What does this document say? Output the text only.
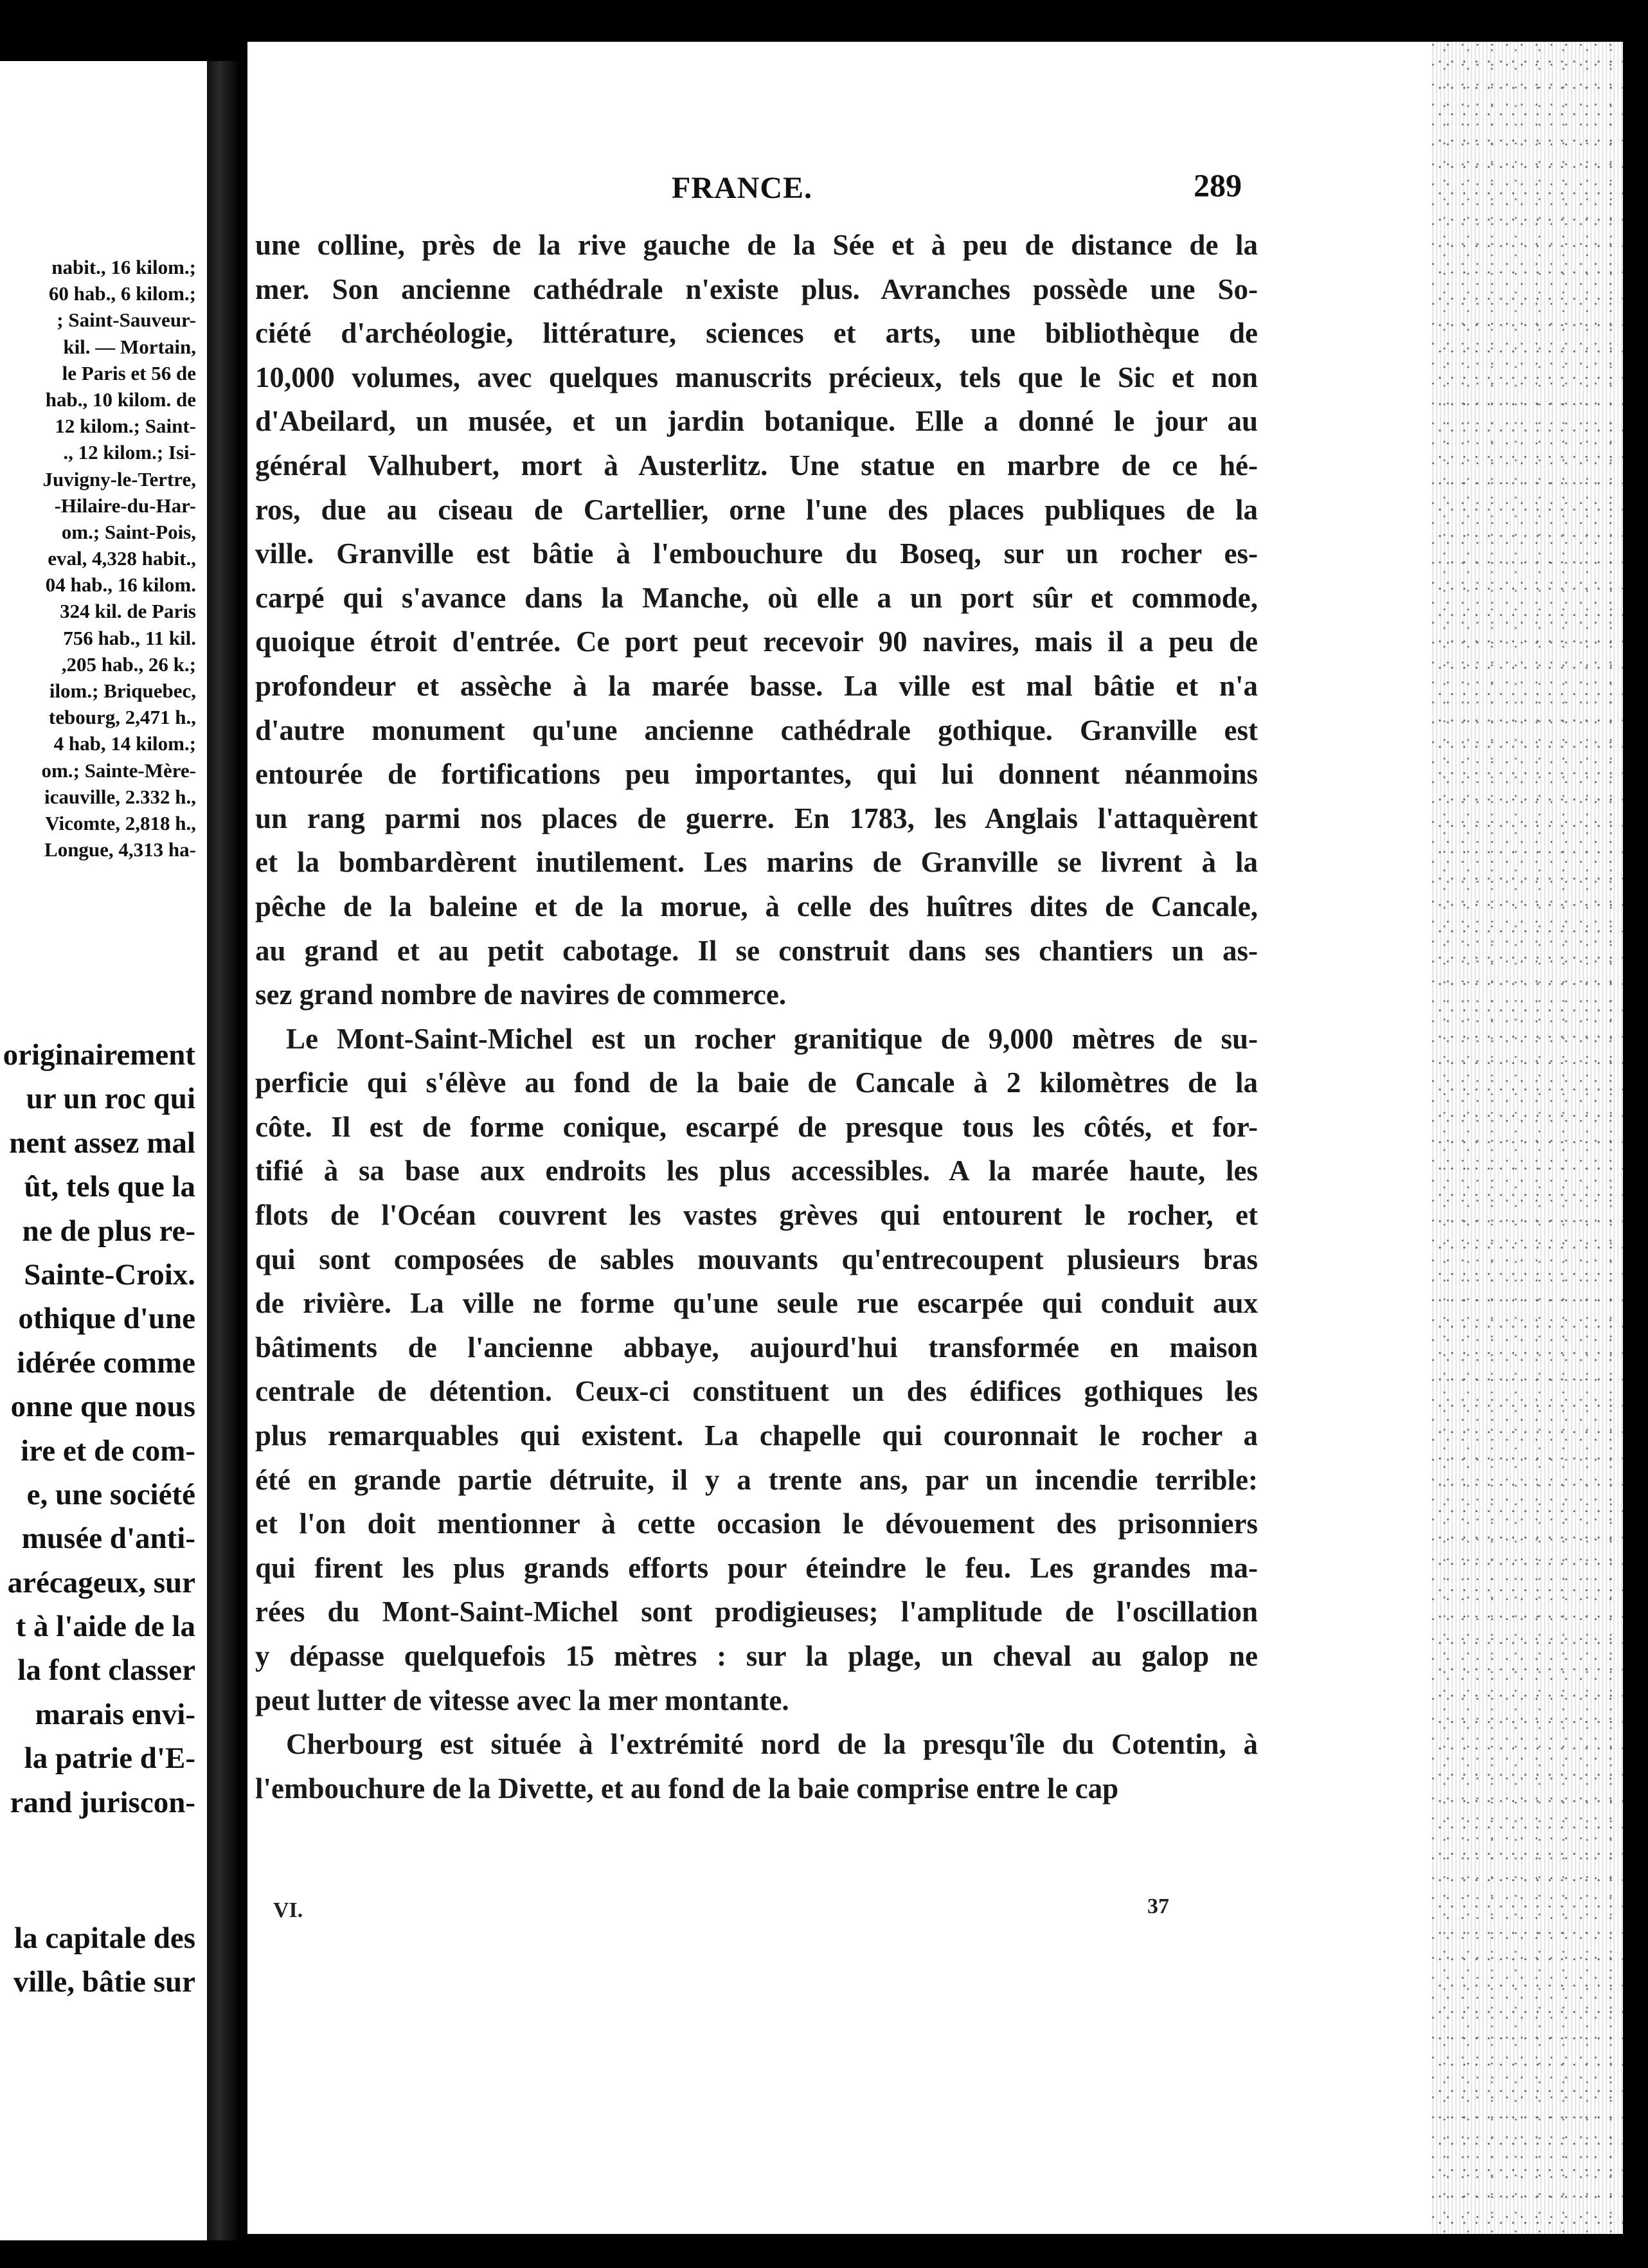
nabit., 16 kilom.;
60 hab., 6 kilom.;
; Saint-Sauveur-
kil. — Mortain,
le Paris et 56 de
hab., 10 kilom. de
12 kilom.; Saint-
., 12 kilom.; Isi-
Juvigny-le-Tertre,
-Hilaire-du-Har-
om.; Saint-Pois,
eval, 4,328 habit.,
04 hab., 16 kilom.
324 kil. de Paris
756 hab., 11 kil.
,205 hab., 26 k.;
ilom.; Briquebec,
tebourg, 2,471 h.,
4 hab, 14 kilom.;
om.; Sainte-Mère-
icauville, 2.332 h.,
Vicomte, 2,818 h.,
Longue, 4,313 ha-
originairement
ur un roc qui
nent assez mal
ût, tels que la
ne de plus re-
Sainte-Croix.
othique d'une
idérée comme
onne que nous
ire et de com-
e, une société
musée d'anti-
arécageux, sur
t à l'aide de la
la font classer
marais envi-
la patrie d'E-
rand juriscon-
la capitale des
ville, bâtie sur
FRANCE.	289
une colline, près de la rive gauche de la Sée et à peu de distance de la
mer. Son ancienne cathédrale n'existe plus. Avranches possède une So-
ciété d'archéologie, littérature, sciences et arts, une bibliothèque de
10,000 volumes, avec quelques manuscrits précieux, tels que le Sic et non
d'Abeilard, un musée, et un jardin botanique. Elle a donné le jour au
général Valhubert, mort à Austerlitz. Une statue en marbre de ce hé-
ros, due au ciseau de Cartellier, orne l'une des places publiques de la
ville. Granville est bâtie à l'embouchure du Boseq, sur un rocher es-
carpé qui s'avance dans la Manche, où elle a un port sûr et commode,
quoique étroit d'entrée. Ce port peut recevoir 90 navires, mais il a peu de
profondeur et assèche à la marée basse. La ville est mal bâtie et n'a
d'autre monument qu'une ancienne cathédrale gothique. Granville est
entourée de fortifications peu importantes, qui lui donnent néanmoins
un rang parmi nos places de guerre. En 1783, les Anglais l'attaquèrent
et la bombardèrent inutilement. Les marins de Granville se livrent à la
pêche de la baleine et de la morue, à celle des huîtres dites de Cancale,
au grand et au petit cabotage. Il se construit dans ses chantiers un as-
sez grand nombre de navires de commerce.
Le Mont-Saint-Michel est un rocher granitique de 9,000 mètres de su-
perficie qui s'élève au fond de la baie de Cancale à 2 kilomètres de la
côte. Il est de forme conique, escarpé de presque tous les côtés, et for-
tifié à sa base aux endroits les plus accessibles. A la marée haute, les
flots de l'Océan couvrent les vastes grèves qui entourent le rocher, et
qui sont composées de sables mouvants qu'entrecoupent plusieurs bras
de rivière. La ville ne forme qu'une seule rue escarpée qui conduit aux
bâtiments de l'ancienne abbaye, aujourd'hui transformée en maison
centrale de détention. Ceux-ci constituent un des édifices gothiques les
plus remarquables qui existent. La chapelle qui couronnait le rocher a
été en grande partie détruite, il y a trente ans, par un incendie terrible:
et l'on doit mentionner à cette occasion le dévouement des prisonniers
qui firent les plus grands efforts pour éteindre le feu. Les grandes ma-
rées du Mont-Saint-Michel sont prodigieuses; l'amplitude de l'oscillation
y dépasse quelquefois 15 mètres : sur la plage, un cheval au galop ne
peut lutter de vitesse avec la mer montante.
Cherbourg est située à l'extrémité nord de la presqu'île du Cotentin, à
l'embouchure de la Divette, et au fond de la baie comprise entre le cap
VI.	37
